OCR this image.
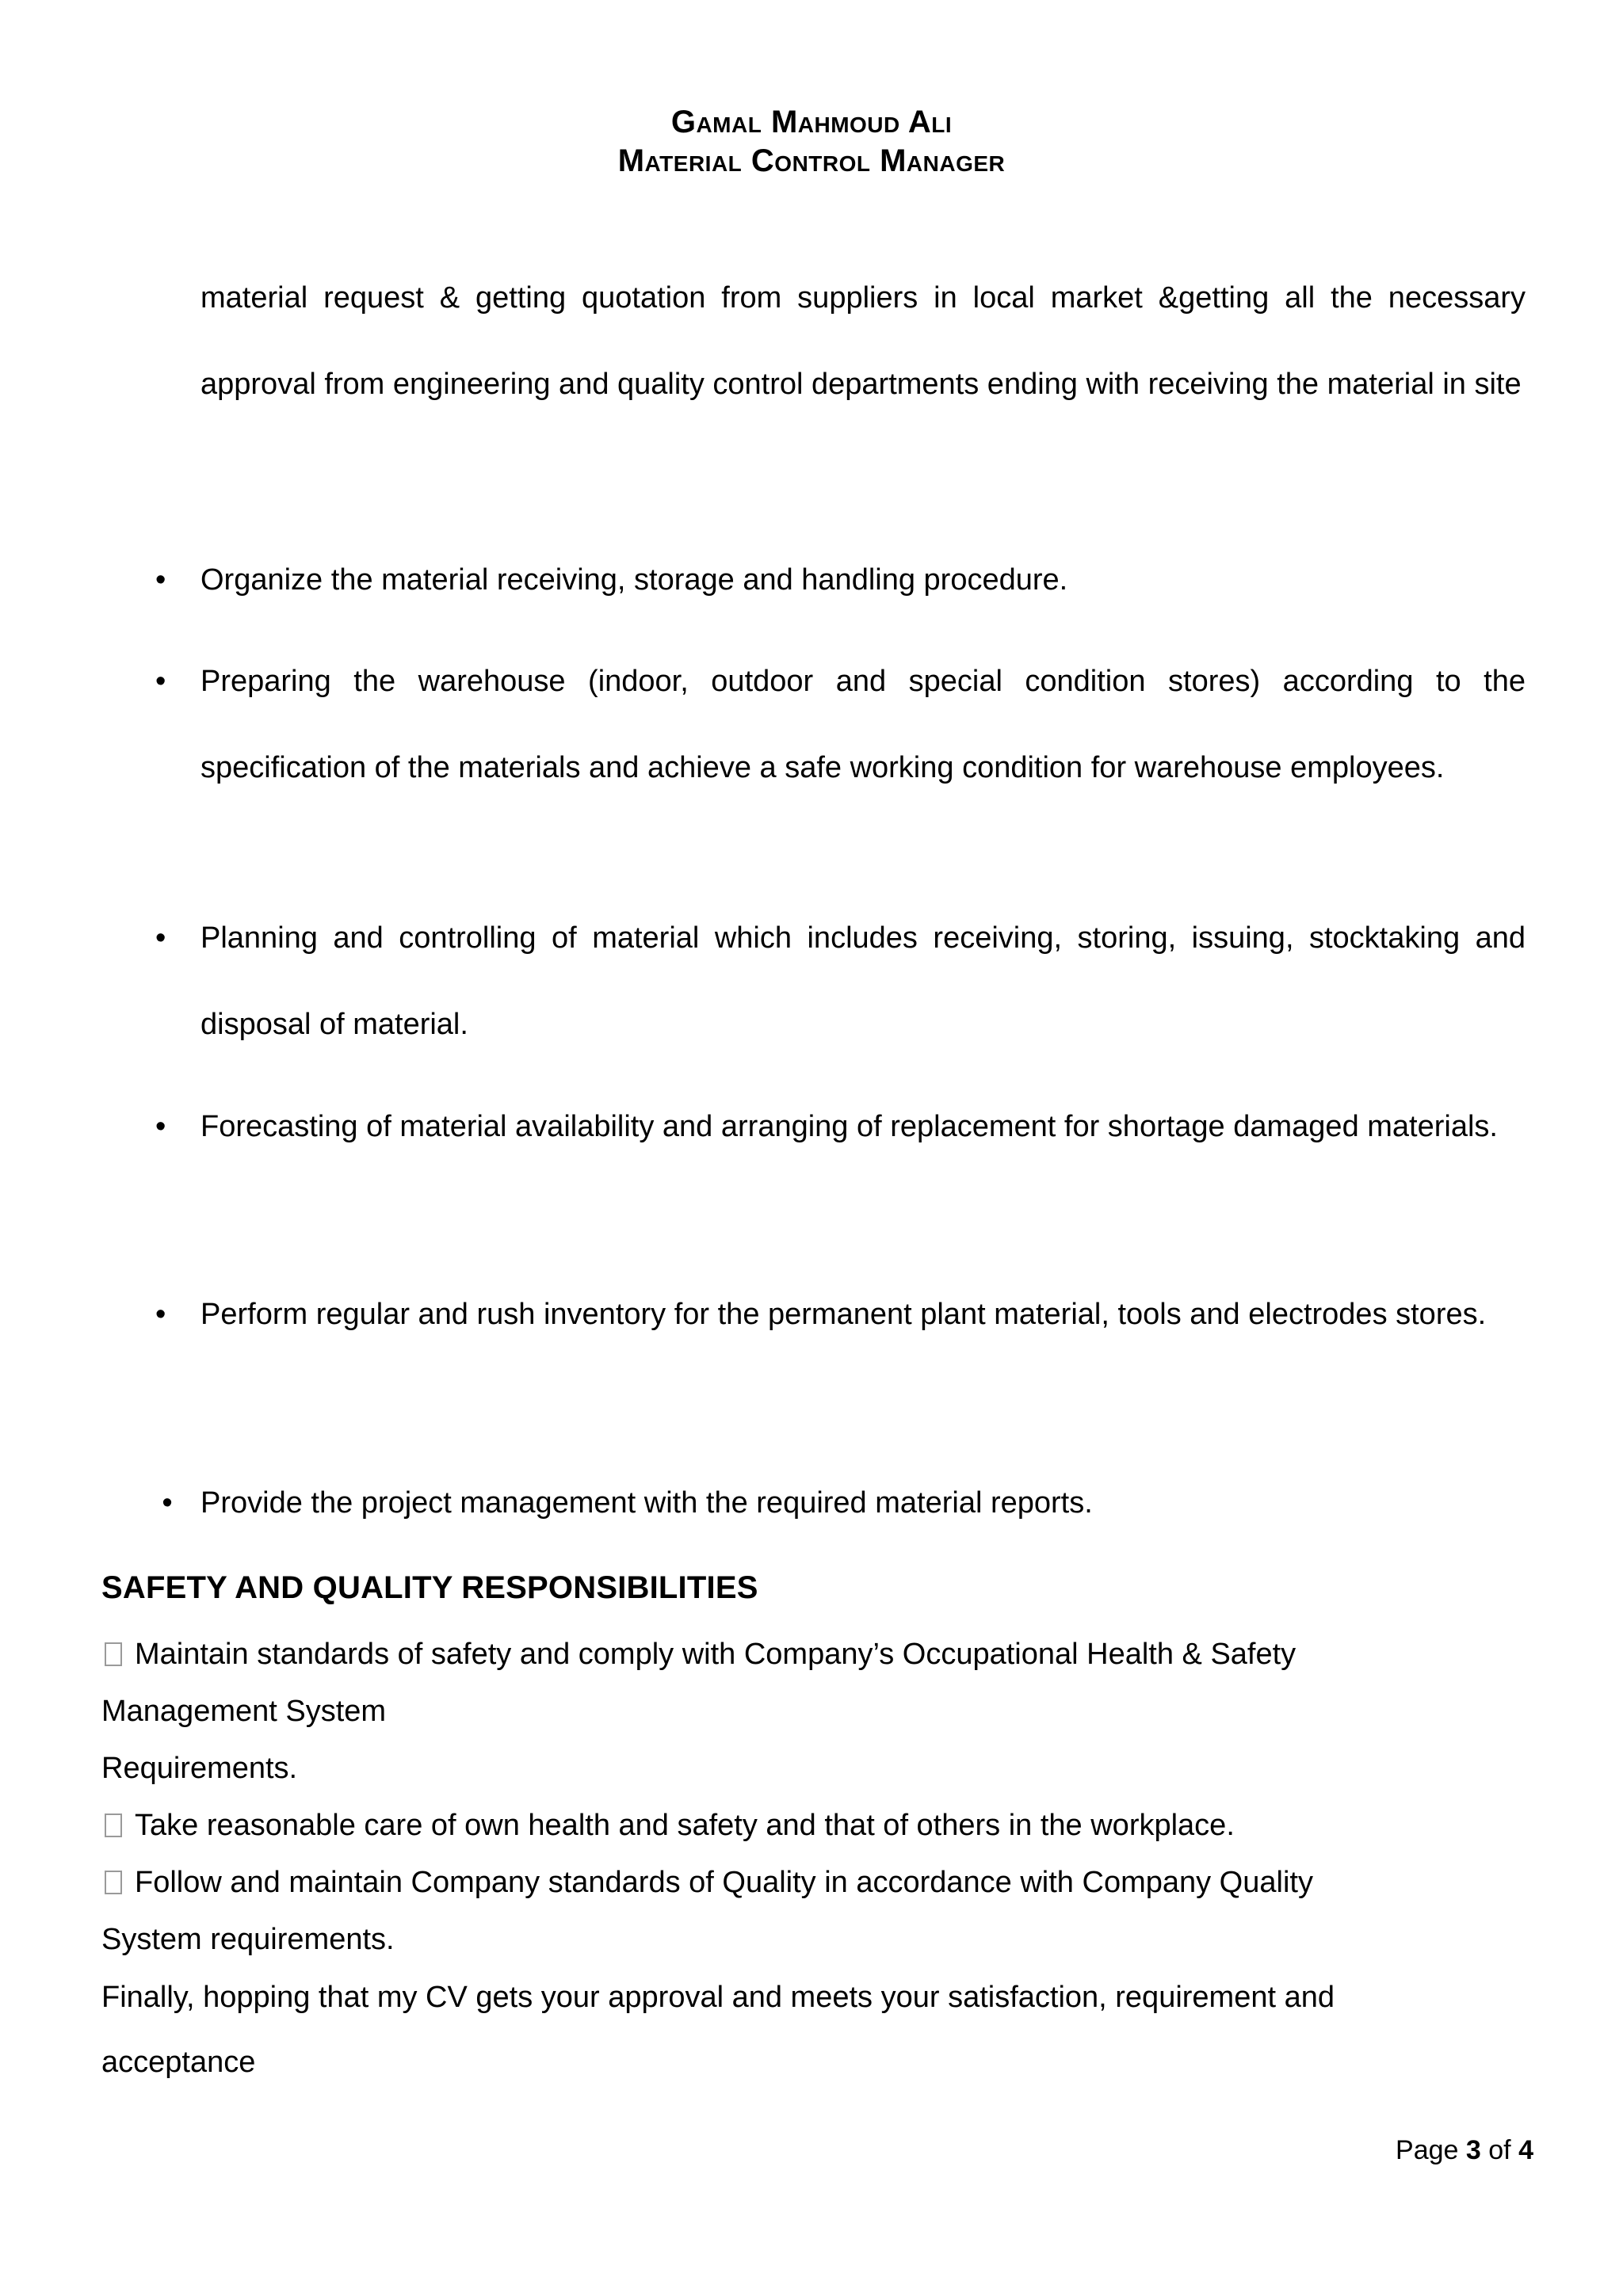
Gamal Mahmoud Ali
Material Control Manager

material request & getting quotation from suppliers in local market &getting all the necessary approval from engineering and quality control departments ending with receiving the material in site

•	Organize the material receiving, storage and handling procedure.
•	Preparing the warehouse (indoor, outdoor and special condition stores) according to the specification of the materials and achieve a safe working condition for warehouse employees.
•	Planning and controlling of material which includes receiving, storing, issuing, stocktaking and disposal of material.
•	Forecasting of material availability and arranging of replacement for shortage damaged materials.
•	Perform regular and rush inventory for the permanent plant material, tools and electrodes stores.
• Provide the project management with the required material reports.
SAFETY AND QUALITY RESPONSIBILITIES
Maintain standards of safety and comply with Company’s Occupational Health & Safety
Management System
Requirements.
Take reasonable care of own health and safety and that of others in the workplace.
Follow and maintain Company standards of Quality in accordance with Company Quality
System requirements.
Finally, hopping that my CV gets your approval and meets your satisfaction, requirement and
acceptance
Page 3 of 4
